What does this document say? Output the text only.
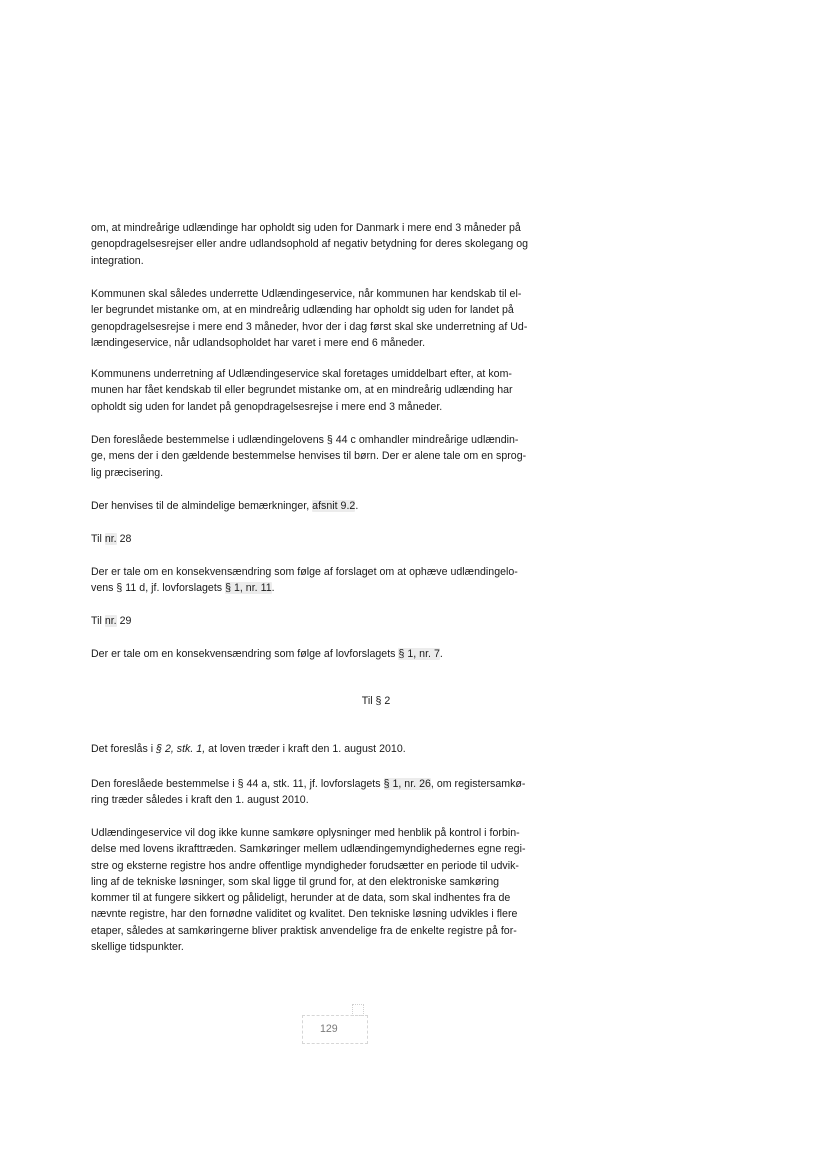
om, at mindreårige udlændinge har opholdt sig uden for Danmark i mere end 3 måneder på
genopdragelsesrejser eller andre udlandsophold af negativ betydning for deres skolegang og
integration.
Kommunen skal således underrette Udlændingeservice, når kommunen har kendskab til el-
ler begrundet mistanke om, at en mindreårig udlænding har opholdt sig uden for landet på
genopdragelsesrejse i mere end 3 måneder, hvor der i dag først skal ske underretning af Ud-
lændingeservice, når udlandsopholdet har varet i mere end 6 måneder.
Kommunens underretning af Udlændingeservice skal foretages umiddelbart efter, at kom-
munen har fået kendskab til eller begrundet mistanke om, at en mindreårig udlænding har
opholdt sig uden for landet på genopdragelsesrejse i mere end 3 måneder.
Den foreslåede bestemmelse i udlændingelovens § 44 c omhandler mindreårige udlændin-
ge, mens der i den gældende bestemmelse henvises til børn. Der er alene tale om en sprog-
lig præcisering.
Der henvises til de almindelige bemærkninger, afsnit 9.2.
Til nr. 28
Der er tale om en konsekvensændring som følge af forslaget om at ophæve udlændingelo-
vens § 11 d, jf. lovforslagets § 1, nr. 11.
Til nr. 29
Der er tale om en konsekvensændring som følge af lovforslagets § 1, nr. 7.
Til § 2
Det foreslås i § 2, stk. 1, at loven træder i kraft den 1. august 2010.
Den foreslåede bestemmelse i § 44 a, stk. 11, jf. lovforslagets § 1, nr. 26, om registersamkø-
ring træder således i kraft den 1. august 2010.
Udlændingeservice vil dog ikke kunne samkøre oplysninger med henblik på kontrol i forbin-
delse med lovens ikrafttræden. Samkøringer mellem udlændingemyndighedernes egne regi-
stre og eksterne registre hos andre offentlige myndigheder forudsætter en periode til udvik-
ling af de tekniske løsninger, som skal ligge til grund for, at den elektroniske samkøring
kommer til at fungere sikkert og pålideligt, herunder at de data, som skal indhentes fra de
nævnte registre, har den fornødne validitet og kvalitet. Den tekniske løsning udvikles i flere
etaper, således at samkøringerne bliver praktisk anvendelige fra de enkelte registre på for-
skellige tidspunkter.
129
